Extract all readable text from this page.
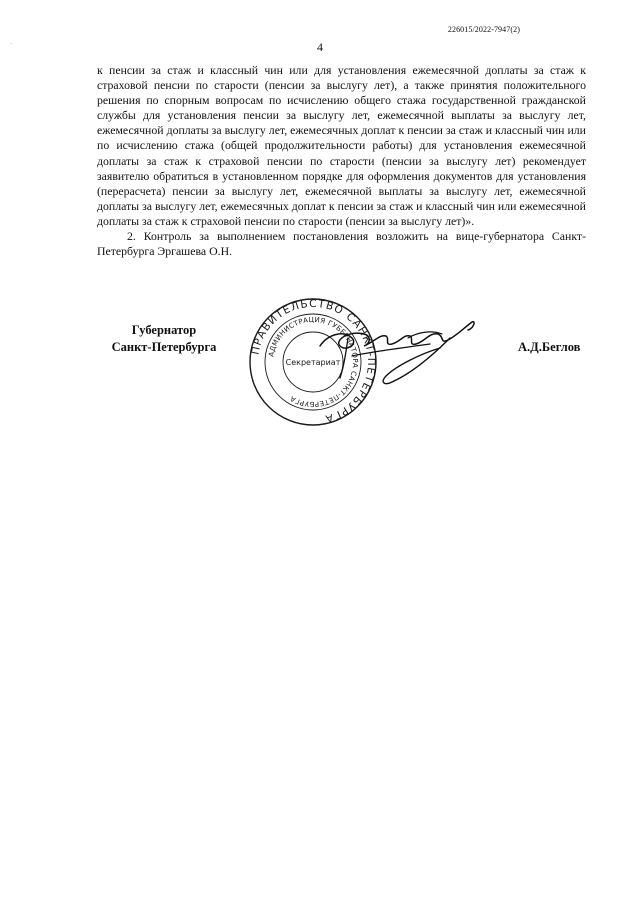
·
226015/2022-7947(2)
4

к пенсии за стаж и классный чин или для установления ежемесячной доплаты за стаж к страховой пенсии по старости (пенсии за выслугу лет), а также принятия положительного решения по спорным вопросам по исчислению общего стажа государственной гражданской службы для установления пенсии за выслугу лет, ежемесячной выплаты за выслугу лет, ежемесячной доплаты за выслугу лет, ежемесячных доплат к пенсии за стаж и классный чин или по исчислению стажа (общей продолжительности работы) для установления ежемесячной доплаты за стаж к страховой пенсии по старости (пенсии за выслугу лет) рекомендует заявителю обратиться в установленном порядке для оформления документов для установления (перерасчета) пенсии за выслугу лет, ежемесячной выплаты за выслугу лет, ежемесячной доплаты за выслугу лет, ежемесячных доплат к пенсии за стаж и классный чин или ежемесячной доплаты за стаж к страховой пенсии по старости (пенсии за выслугу лет)».

2. Контроль за выполнением постановления возложить на вице-губернатора Санкт-Петербурга Эргашева О.Н.

Губернатор
Санкт-Петербурга	ПРАВИТЕЛЬСТВО САНКТ-ПЕТЕРБУРГА
АДМИНИСТРАЦИЯ ГУБЕРНАТОРА САНКТ-ПЕТЕРБУРГА
Секретариат
А.Д.Беглов
